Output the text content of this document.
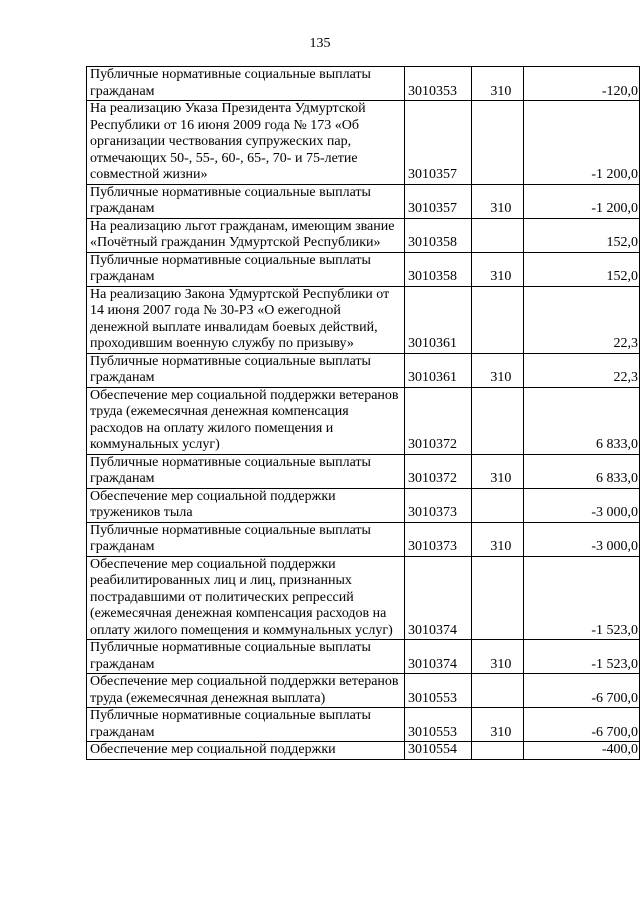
135
Публичные нормативные социальные выплаты гражданам	3010353	310	-120,0
На реализацию Указа Президента Удмуртской Республики от 16 июня 2009 года № 173 «Об организации чествования супружеских пар, отмечающих 50-, 55-, 60-, 65-, 70- и 75-летие совместной жизни»	3010357		-1 200,0
Публичные нормативные социальные выплаты гражданам	3010357	310	-1 200,0
На реализацию льгот гражданам, имеющим звание «Почётный гражданин Удмуртской Республики»	3010358		152,0
Публичные нормативные социальные выплаты гражданам	3010358	310	152,0
На реализацию Закона Удмуртской Республики от 14 июня 2007 года № 30-РЗ «О ежегодной денежной выплате инвалидам боевых действий, проходившим военную службу по призыву»	3010361		22,3
Публичные нормативные социальные выплаты гражданам	3010361	310	22,3
Обеспечение мер социальной поддержки ветеранов труда (ежемесячная денежная компенсация расходов на оплату жилого помещения и коммунальных услуг)	3010372		6 833,0
Публичные нормативные социальные выплаты гражданам	3010372	310	6 833,0
Обеспечение мер социальной поддержки тружеников тыла	3010373		-3 000,0
Публичные нормативные социальные выплаты гражданам	3010373	310	-3 000,0
Обеспечение мер социальной поддержки реабилитированных лиц и лиц, признанных пострадавшими от политических репрессий (ежемесячная денежная компенсация расходов на оплату жилого помещения и коммунальных услуг)	3010374		-1 523,0
Публичные нормативные социальные выплаты гражданам	3010374	310	-1 523,0
Обеспечение мер социальной поддержки ветеранов труда (ежемесячная денежная выплата)	3010553		-6 700,0
Публичные нормативные социальные выплаты гражданам	3010553	310	-6 700,0
Обеспечение мер социальной поддержки	3010554		-400,0
